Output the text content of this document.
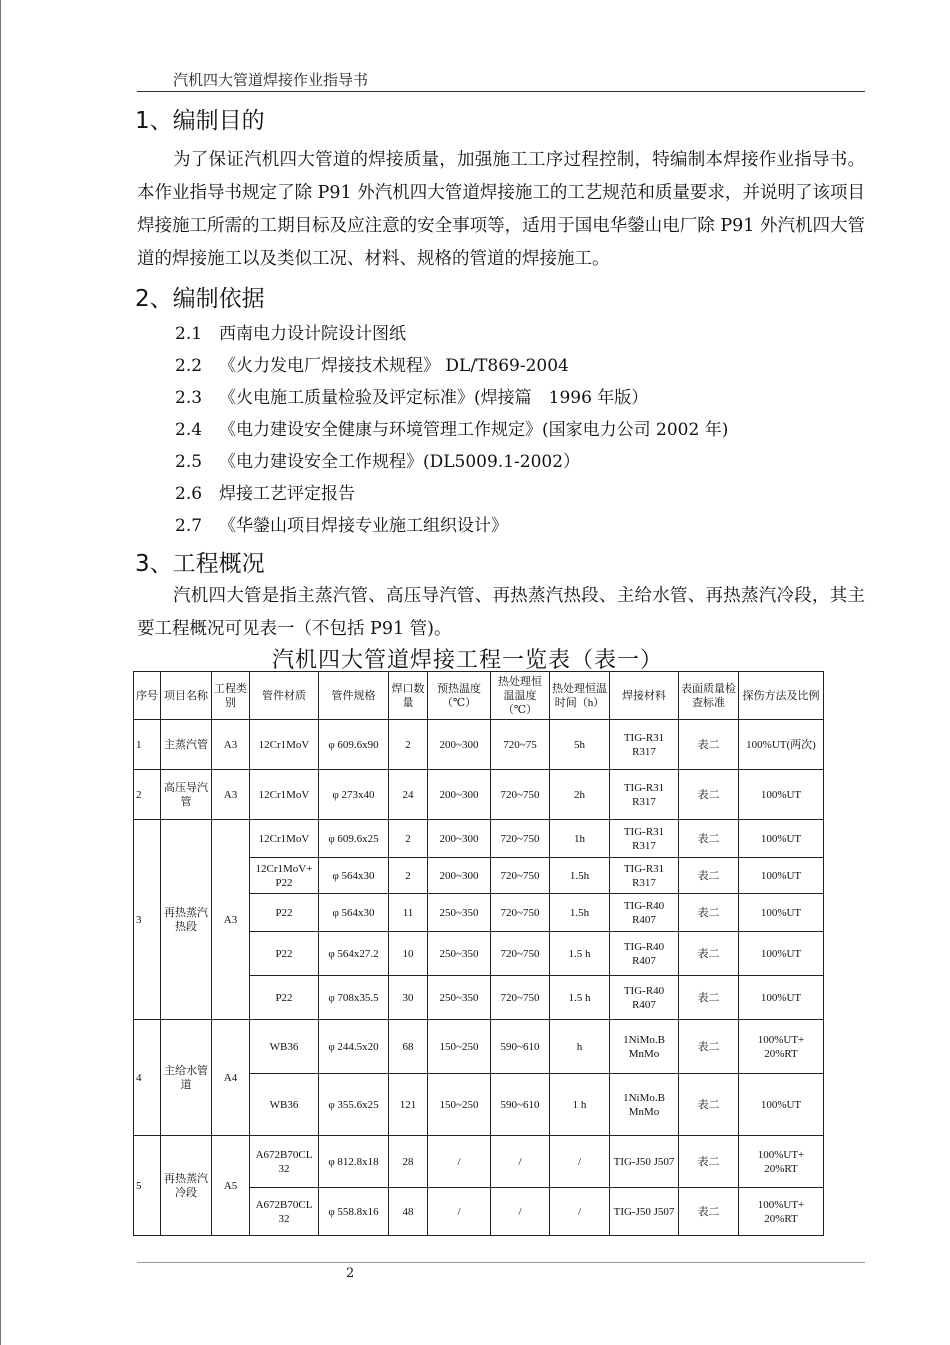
汽机四大管道焊接作业指导书
1、编制目的
为了保证汽机四大管道的焊接质量，加强施工工序过程控制，特编制本焊接作业指导书。本作业指导书规定了除 P91 外汽机四大管道焊接施工的工艺规范和质量要求，并说明了该项目焊接施工所需的工期目标及应注意的安全事项等，适用于国电华鎣山电厂除 P91 外汽机四大管道的焊接施工以及类似工况、材料、规格的管道的焊接施工。
2、编制依据
2.1 西南电力设计院设计图纸
2.2 《火力发电厂焊接技术规程》 DL/T869-2004
2.3 《火电施工质量检验及评定标准》(焊接篇　1996 年版）
2.4 《电力建设安全健康与环境管理工作规定》(国家电力公司 2002 年)
2.5 《电力建设安全工作规程》(DL5009.1-2002）
2.6 焊接工艺评定报告
2.7 《华鎣山项目焊接专业施工组织设计》
3、工程概况
汽机四大管是指主蒸汽管、高压导汽管、再热蒸汽热段、主给水管、再热蒸汽冷段，其主要工程概况可见表一（不包括 P91 管)。
汽机四大管道焊接工程一览表（表一）
序号	项目名称	工程类别	管件材质	管件规格	焊口数量	预热温度（℃）	热处理恒温温度（℃）	热处理恒温时间（h）	焊接材料	表面质量检查标准	探伤方法及比例
1	主蒸汽管	A3	12Cr1MoV	φ 609.6x90	2	200~300	720~75	5h	TIG-R31 R317	表二	100%UT(两次)
2	高压导汽管	A3	12Cr1MoV	φ 273x40	24	200~300	720~750	2h	TIG-R31 R317	表二	100%UT
3	再热蒸汽热段	A3	12Cr1MoV	φ 609.6x25	2	200~300	720~750	1h	TIG-R31 R317	表二	100%UT
			12Cr1MoV+ P22	φ 564x30	2	200~300	720~750	1.5h	TIG-R31 R317	表二	100%UT
			P22	φ 564x30	11	250~350	720~750	1.5h	TIG-R40 R407	表二	100%UT
			P22	φ 564x27.2	10	250~350	720~750	1.5 h	TIG-R40 R407	表二	100%UT
			P22	φ 708x35.5	30	250~350	720~750	1.5 h	TIG-R40 R407	表二	100%UT
4	主给水管道	A4	WB36	φ 244.5x20	68	150~250	590~610	h	1NiMo.B MnMo	表二	100%UT+ 20%RT
			WB36	φ 355.6x25	121	150~250	590~610	1 h	1NiMo.B MnMo	表二	100%UT
5	再热蒸汽冷段	A5	A672B70CL 32	φ 812.8x18	28	/	/	/	TIG-J50 J507	表二	100%UT+ 20%RT
			A672B70CL 32	φ 558.8x16	48	/	/	/	TIG-J50 J507	表二	100%UT+ 20%RT
2
